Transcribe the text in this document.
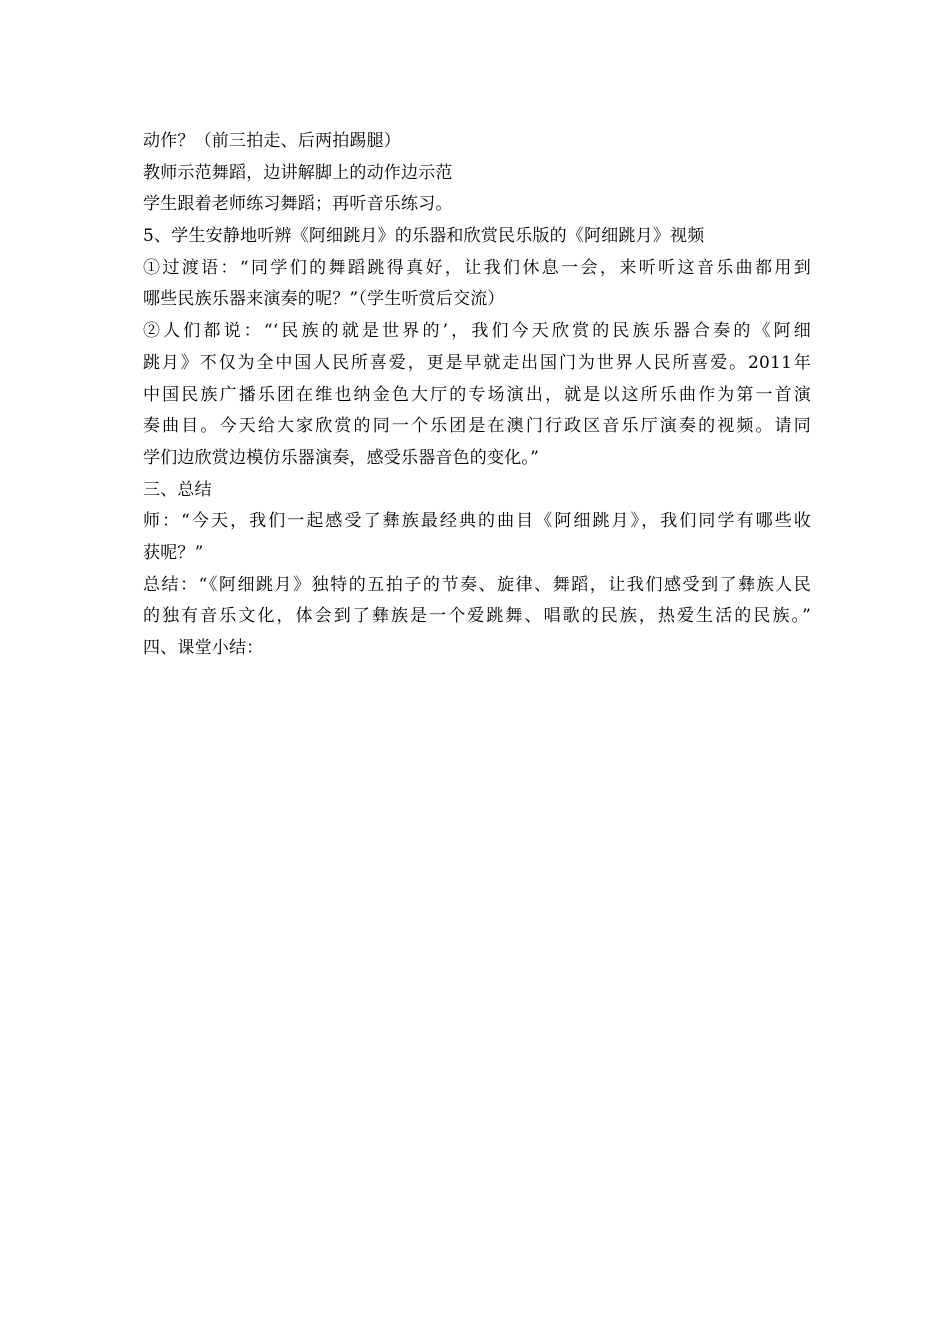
动作？（前三拍走、后两拍踢腿）
教师示范舞蹈，边讲解脚上的动作边示范
学生跟着老师练习舞蹈；再听音乐练习。
5、学生安静地听辨《阿细跳月》的乐器和欣赏民乐版的《阿细跳月》视频
①过渡语：“同学们的舞蹈跳得真好，让我们休息一会，来听听这音乐曲都用到
哪些民族乐器来演奏的呢？”（学生听赏后交流）
②人们都说：“‘民族的就是世界的’，我们今天欣赏的民族乐器合奏的《阿细
跳月》不仅为全中国人民所喜爱，更是早就走出国门为世界人民所喜爱。2011年
中国民族广播乐团在维也纳金色大厅的专场演出，就是以这所乐曲作为第一首演
奏曲目。今天给大家欣赏的同一个乐团是在澳门行政区音乐厅演奏的视频。请同
学们边欣赏边模仿乐器演奏，感受乐器音色的变化。”
三、总结
师：“今天，我们一起感受了彝族最经典的曲目《阿细跳月》，我们同学有哪些收
获呢？”
总结：“《阿细跳月》独特的五拍子的节奏、旋律、舞蹈，让我们感受到了彝族人民
的独有音乐文化，体会到了彝族是一个爱跳舞、唱歌的民族，热爱生活的民族。”
四、课堂小结：
